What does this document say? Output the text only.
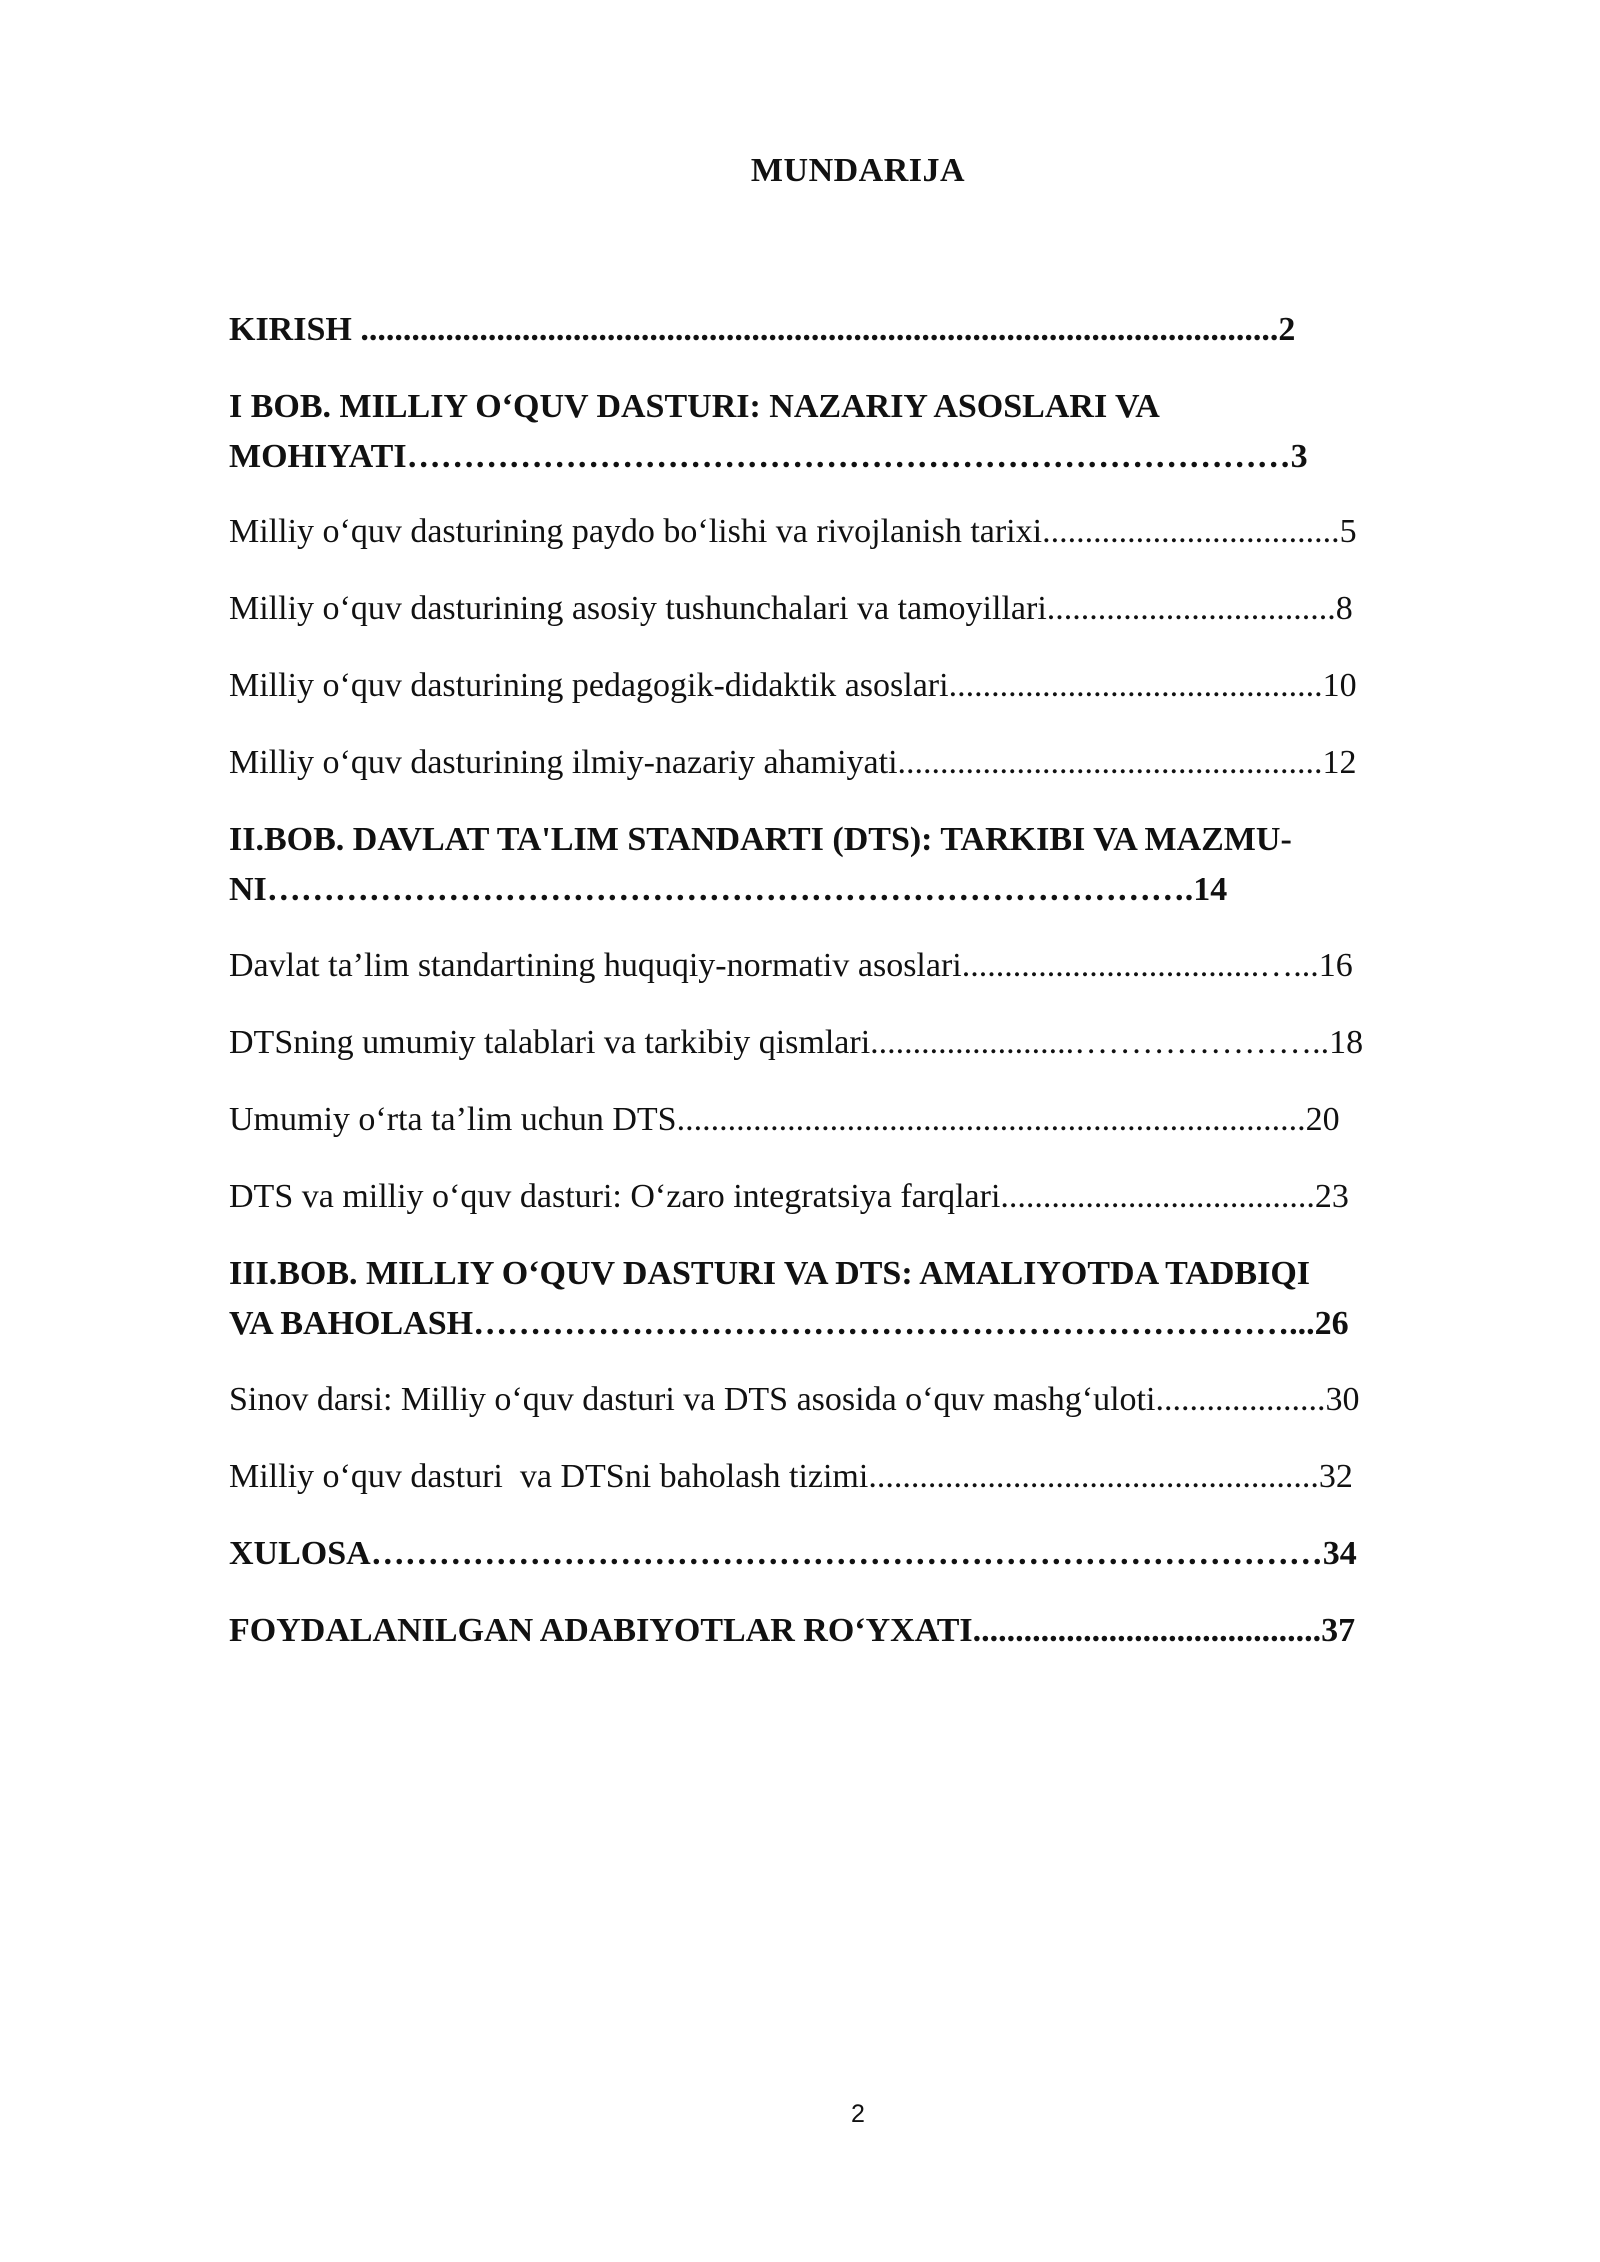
MUNDARIJA
KIRISH ............................................................................................................2
I BOB. MILLIY O‘QUV DASTURI: NAZARIY ASOSLARI VA
MOHIYATI……………………………………………………………………3
Milliy o‘quv dasturining paydo bo‘lishi va rivojlanish tarixi...................................5
Milliy o‘quv dasturining asosiy tushunchalari va tamoyillari..................................8
Milliy o‘quv dasturining pedagogik-didaktik asoslari............................................10
Milliy o‘quv dasturining ilmiy-nazariy ahamiyati..................................................12
II.BOB. DAVLAT TA'LIM STANDARTI (DTS): TARKIBI VA MAZMU-
NI……………………………………………………………………….14
Davlat ta’lim standartining huquqiy-normativ asoslari...................................…...16
DTSning umumiy talablari va tarkibiy qismlari........................…………………..18
Umumiy o‘rta ta’lim uchun DTS..........................................................................20
DTS va milliy o‘quv dasturi: O‘zaro integratsiya farqlari.....................................23
III.BOB. MILLIY O‘QUV DASTURI VA DTS: AMALIYOTDA TADBIQI
VA BAHOLASH………………………………………………………………...26
Sinov darsi: Milliy o‘quv dasturi va DTS asosida o‘quv mashg‘uloti....................30
Milliy o‘quv dasturi  va DTSni baholash tizimi.....................................................32
XULOSA…………………………………………………………………………34
FOYDALANILGAN ADABIYOTLAR RO‘YXATI.........................................37
2
